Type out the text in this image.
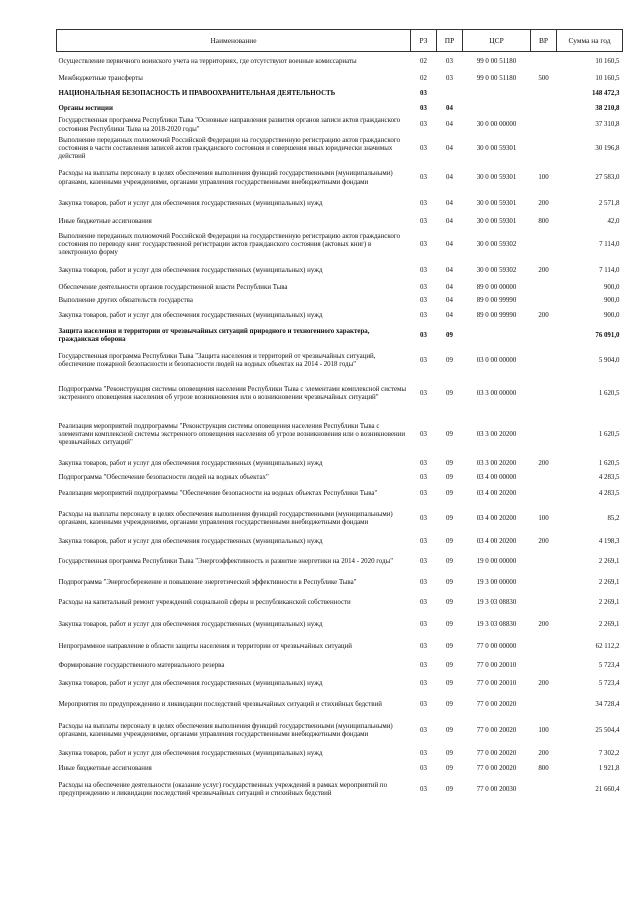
Наименование	РЗ	ПР	ЦСР	ВР	Сумма на год
Осуществление первичного воинского учета на территориях, где отсутствуют военные комиссариаты	02	03	99 0 00 51180		10 160,5
Межбюджетные трансферты	02	03	99 0 00 51180	500	10 160,5
НАЦИОНАЛЬНАЯ БЕЗОПАСНОСТЬ И ПРАВООХРАНИТЕЛЬНАЯ ДЕЯТЕЛЬНОСТЬ	03				148 472,3
Органы юстиции	03	04			38 210,8
Государственная программа Республики Тыва "Основные направления развития органов записи актов гражданского состояния Республики Тыва на 2018-2020 годы"	03	04	30 0 00 00000		37 310,8
Выполнение переданных полномочий Российской Федерации на государственную регистрацию актов гражданского состояния в части составления записей актов гражданского состояния и совершения иных юридически значимых действий	03	04	30 0 00 59301		30 196,8
Расходы на выплаты персоналу в целях обеспечения выполнения функций государственными (муниципальными) органами, казенными учреждениями, органами управления государственными внебюджетными фондами	03	04	30 0 00 59301	100	27 583,0
Закупка товаров, работ и услуг для обеспечения государственных (муниципальных) нужд	03	04	30 0 00 59301	200	2 571,8
Иные бюджетные ассигнования	03	04	30 0 00 59301	800	42,0
Выполнение переданных полномочий Российской Федерации на государственную регистрацию актов гражданского состояния по переводу книг государственной регистрации актов гражданского состояния (актовых книг) в электронную форму	03	04	30 0 00 59302		7 114,0
Закупка товаров, работ и услуг для обеспечения государственных (муниципальных) нужд	03	04	30 0 00 59302	200	7 114,0
Обеспечение деятельности органов государственной власти Республики Тыва	03	04	89 0 00 00000		900,0
Выполнение других обязательств государства	03	04	89 0 00 99990		900,0
Закупка товаров, работ и услуг для обеспечения государственных (муниципальных) нужд	03	04	89 0 00 99990	200	900,0
Защита населения и территории от чрезвычайных ситуаций природного и техногенного характера, гражданская оборона	03	09			76 091,0
Государственная программа Республики Тыва "Защита населения и территорий от чрезвычайных ситуаций, обеспечение пожарной безопасности и безопасности людей на водных объектах на 2014 - 2018 годы"	03	09	03 0 00 00000		5 904,0
Подпрограмма "Реконструкция системы оповещения населения Республики Тыва с элементами комплексной системы экстренного оповещения населения об угрозе возникновения или о возникновении чрезвычайных ситуаций"	03	09	03 3 00 00000		1 620,5
Реализация мероприятий подпрограммы "Реконструкция системы оповещения населения Республики Тыва с элементами комплексной системы экстренного оповещения населения об угрозе возникновения или о возникновении чрезвычайных ситуаций"	03	09	03 3 00 20200		1 620,5
Закупка товаров, работ и услуг для обеспечения государственных (муниципальных) нужд	03	09	03 3 00 20200	200	1 620,5
Подпрограмма "Обеспечение безопасности людей на водных объектах"	03	09	03 4 00 00000		4 283,5
Реализация мероприятий подпрограммы "Обеспечение безопасности на водных объектах Республики Тыва"	03	09	03 4 00 20200		4 283,5
Расходы на выплаты персоналу в целях обеспечения выполнения функций государственными (муниципальными) органами, казенными учреждениями, органами управления государственными внебюджетными фондами	03	09	03 4 00 20200	100	85,2
Закупка товаров, работ и услуг для обеспечения государственных (муниципальных) нужд	03	09	03 4 00 20200	200	4 198,3
Государственная программа Республики Тыва "Энергоэффективность и развитие энергетики на 2014 - 2020 годы"	03	09	19 0 00 00000		2 269,1
Подпрограмма "Энергосбережение и повышение энергетической эффективности в Республике Тыва"	03	09	19 3 00 00000		2 269,1
Расходы на капитальный ремонт учреждений социальной сферы и республиканской собственности	03	09	19 3 03 08830		2 269,1
Закупка товаров, работ и услуг для обеспечения государственных (муниципальных) нужд	03	09	19 3 03 08830	200	2 269,1
Непрограммное направление в области защиты населения и территории от чрезвычайных ситуаций	03	09	77 0 00 00000		62 112,2
Формирование государственного материального резерва	03	09	77 0 00 20010		5 723,4
Закупка товаров, работ и услуг для обеспечения государственных (муниципальных) нужд	03	09	77 0 00 20010	200	5 723,4
Мероприятия по предупреждению и ликвидации последствий чрезвычайных ситуаций и стихийных бедствий	03	09	77 0 00 20020		34 728,4
Расходы на выплаты персоналу в целях обеспечения выполнения функций государственными (муниципальными) органами, казенными учреждениями, органами управления государственными внебюджетными фондами	03	09	77 0 00 20020	100	25 504,4
Закупка товаров, работ и услуг для обеспечения государственных (муниципальных) нужд	03	09	77 0 00 20020	200	7 302,2
Иные бюджетные ассигнования	03	09	77 0 00 20020	800	1 921,8
Расходы на обеспечение деятельности (оказание услуг) государственных учреждений в рамках мероприятий по предупреждению и ликвидации последствий чрезвычайных ситуаций и стихийных бедствий	03	09	77 0 00 20030		21 660,4
